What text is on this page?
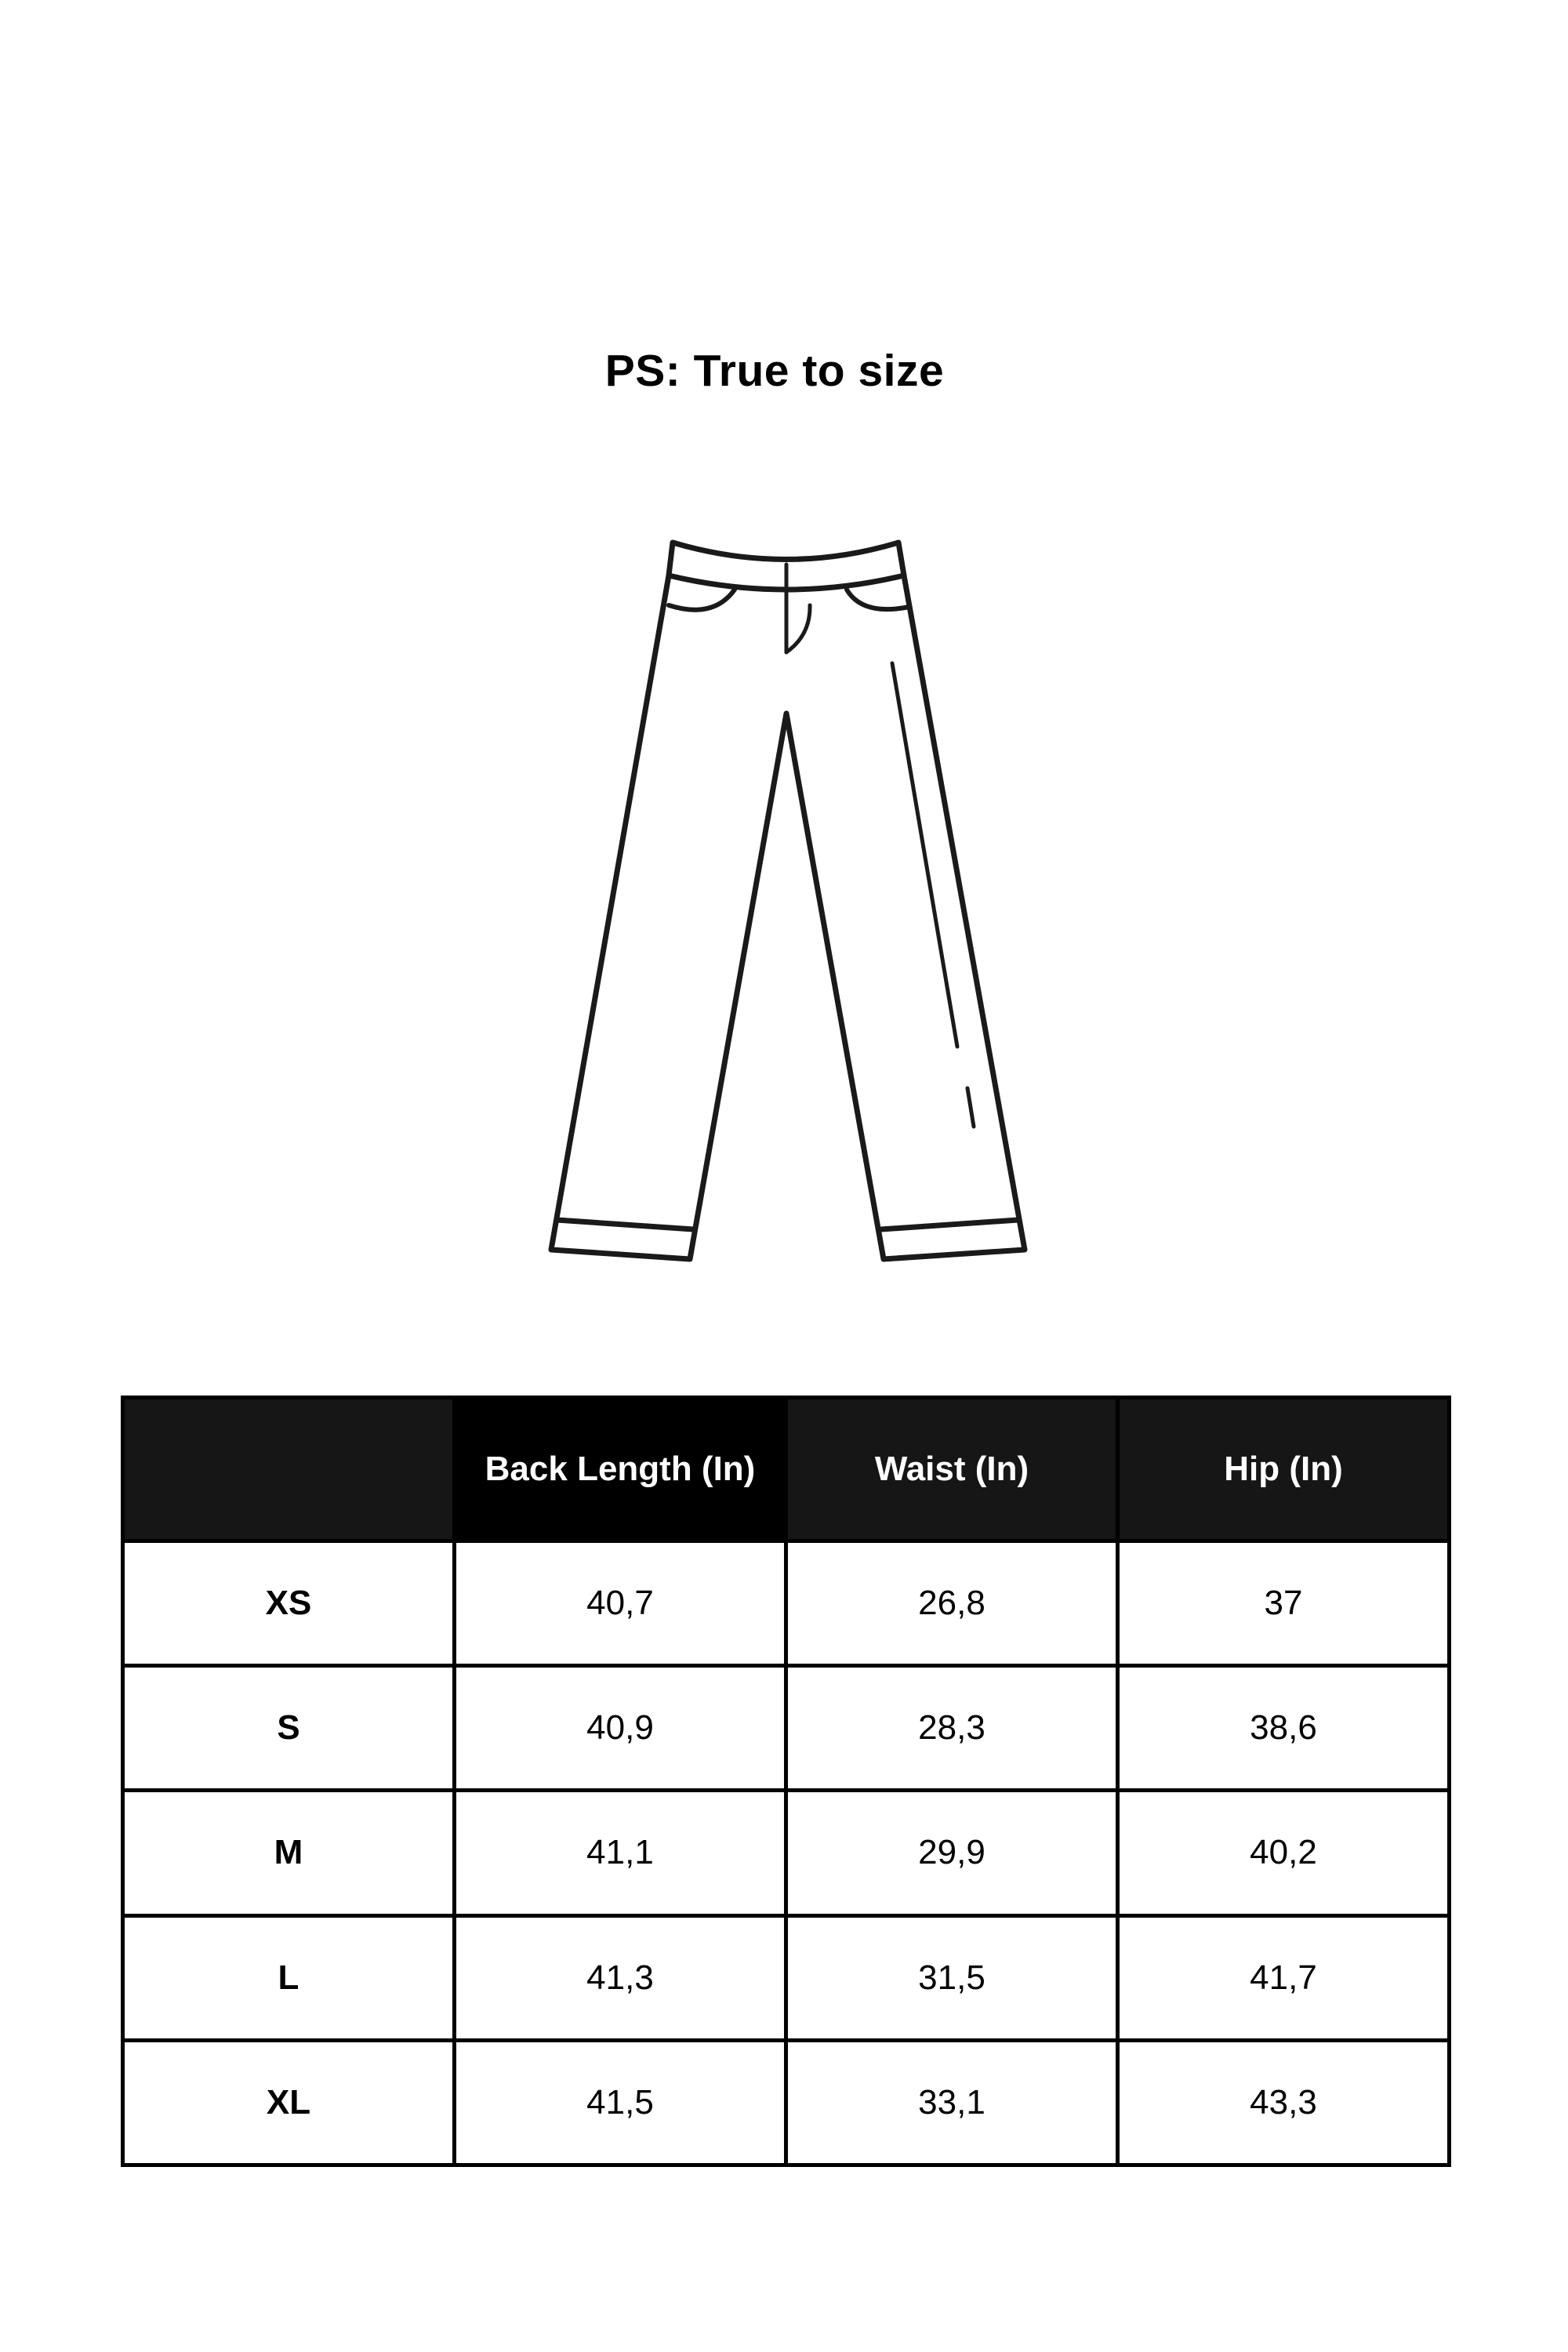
PS: True to size
	Back Length (In)	Waist (In)	Hip (In)
XS	40,7	26,8	37
S	40,9	28,3	38,6
M	41,1	29,9	40,2
L	41,3	31,5	41,7
XL	41,5	33,1	43,3
